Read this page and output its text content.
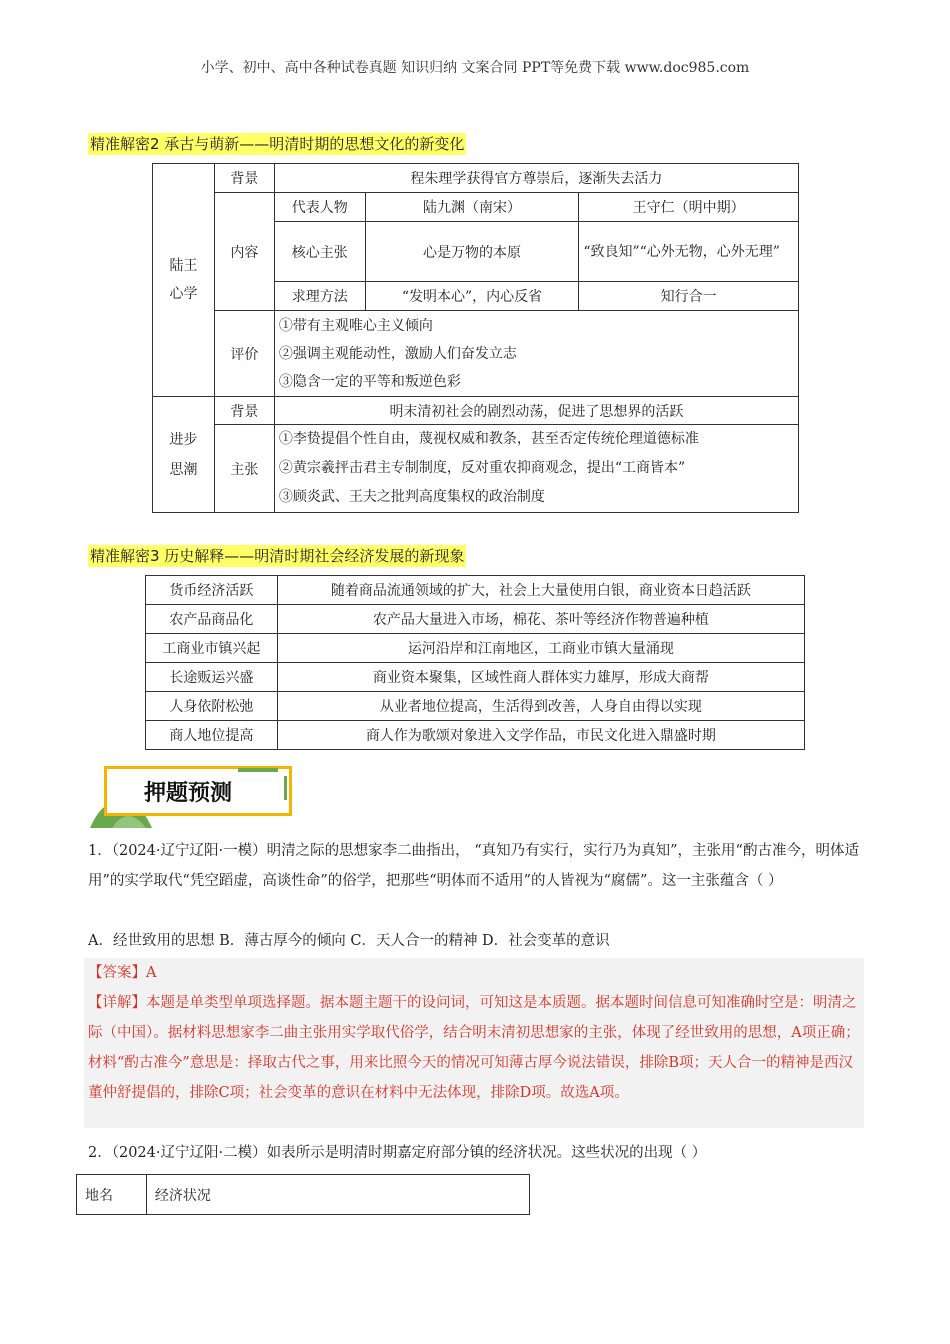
小学、初中、高中各种试卷真题 知识归纳 文案合同 PPT等免费下载 www.doc985.com
精准解密2 承古与萌新——明清时期的思想文化的新变化
陆王心学	背景	程朱理学获得官方尊崇后，逐渐失去活力		
	内容	代表人物	陆九渊（南宋）	王守仁（明中期）
		核心主张	心是万物的本原	“致良知”“心外无物，心外无理”
		求理方法	“发明本心”，内心反省	知行合一
	评价	①带有主观唯心主义倾向
②强调主观能动性，激励人们奋发立志
③隐含一定的平等和叛逆色彩		
进步思潮	背景	明末清初社会的剧烈动荡，促进了思想界的活跃
	主张	①李贽提倡个性自由，蔑视权威和教条，甚至否定传统伦理道德标准
②黄宗羲抨击君主专制制度，反对重农抑商观念，提出“工商皆本”
③顾炎武、王夫之批判高度集权的政治制度
精准解密3 历史解释——明清时期社会经济发展的新现象
货币经济活跃	随着商品流通领域的扩大，社会上大量使用白银，商业资本日趋活跃
农产品商品化	农产品大量进入市场，棉花、茶叶等经济作物普遍种植
工商业市镇兴起	运河沿岸和江南地区，工商业市镇大量涌现
长途贩运兴盛	商业资本聚集，区域性商人群体实力雄厚，形成大商帮
人身依附松弛	从业者地位提高，生活得到改善，人身自由得以实现
商人地位提高	商人作为歌颂对象进入文学作品，市民文化进入鼎盛时期
押题预测
1．（2024·辽宁辽阳·一模）明清之际的思想家李二曲指出， “真知乃有实行，实行乃为真知”，主张用“酌古准今，明体适用”的实学取代“凭空蹈虚，高谈性命”的俗学，把那些“明体而不适用”的人皆视为“腐儒”。这一主张蕴含（ ）
A．经世致用的思想 B．薄古厚今的倾向 C．天人合一的精神 D．社会变革的意识
【答案】A
【详解】本题是单类型单项选择题。据本题主题干的设问词，可知这是本质题。据本题时间信息可知准确时空是：明清之际（中国）。据材料思想家李二曲主张用实学取代俗学，结合明末清初思想家的主张，体现了经世致用的思想，A项正确；材料“酌古准今”意思是：择取古代之事，用来比照今天的情况可知薄古厚今说法错误，排除B项；天人合一的精神是西汉董仲舒提倡的，排除C项；社会变革的意识在材料中无法体现，排除D项。故选A项。
2．（2024·辽宁辽阳·二模）如表所示是明清时期嘉定府部分镇的经济状况。这些状况的出现（ ）
地名	经济状况
